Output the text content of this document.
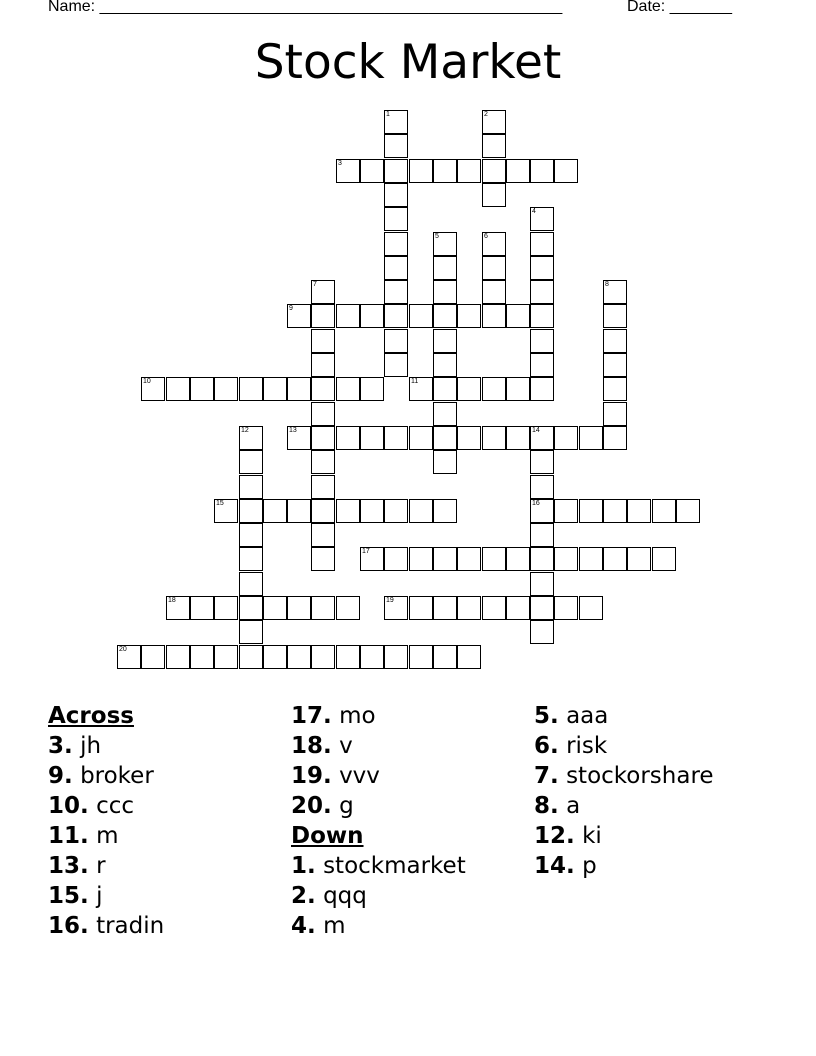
Name: ____________________________________________________	Date: _______
Stock Market
1	2
3
4
5	6
7	8
9
10	11
12	13	14
16
15
17
18	19
20
Across
3. jh
9. broker
10. ccc
11. m
13. r
15. j
16. tradin
17. mo
18. v
19. vvv
20. g
Down
1. stockmarket
2. qqq
4. m
5. aaa
6. risk
7. stockorshare
8. a
12. ki
14. p
